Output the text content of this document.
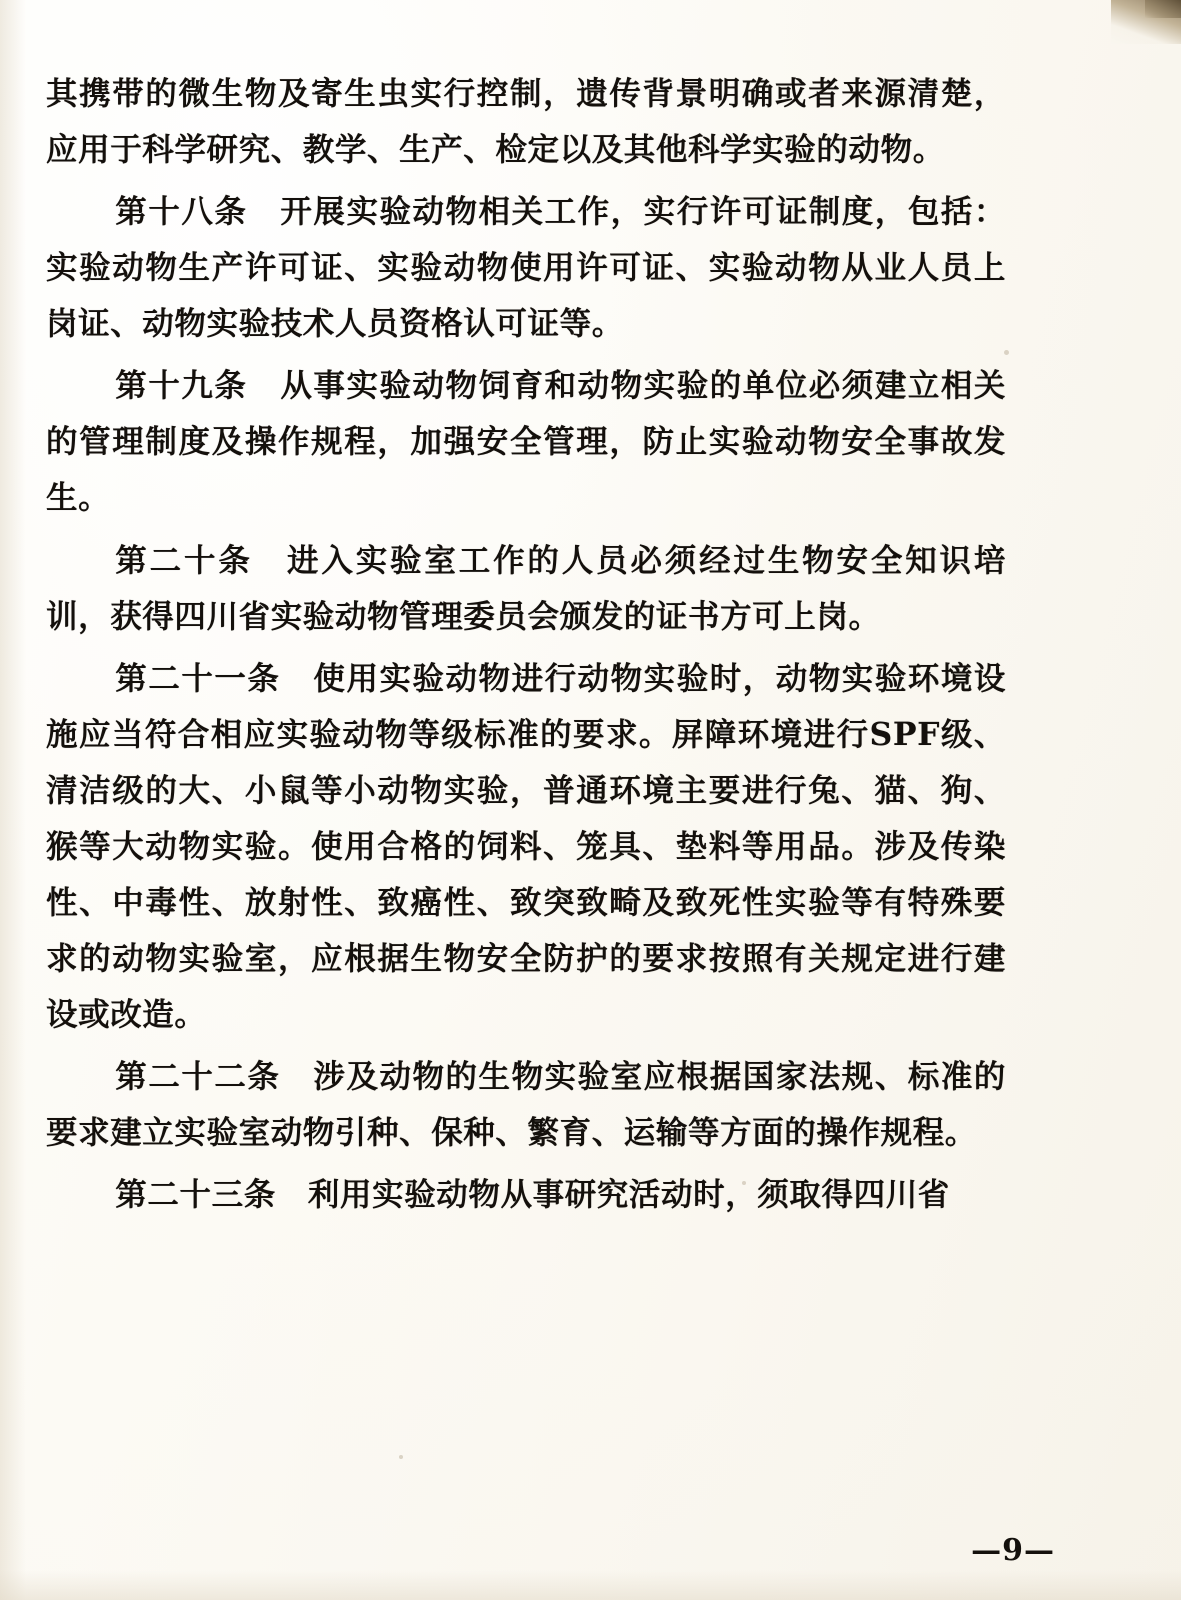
其携带的微生物及寄生虫实行控制，遗传背景明确或者来源清楚，应用于科学研究、教学、生产、检定以及其他科学实验的动物。

第十八条　开展实验动物相关工作，实行许可证制度，包括：实验动物生产许可证、实验动物使用许可证、实验动物从业人员上岗证、动物实验技术人员资格认可证等。

第十九条　从事实验动物饲育和动物实验的单位必须建立相关的管理制度及操作规程，加强安全管理，防止实验动物安全事故发生。

第二十条　进入实验室工作的人员必须经过生物安全知识培训，获得四川省实验动物管理委员会颁发的证书方可上岗。

第二十一条　使用实验动物进行动物实验时，动物实验环境设施应当符合相应实验动物等级标准的要求。屏障环境进行SPF级、清洁级的大、小鼠等小动物实验，普通环境主要进行兔、猫、狗、猴等大动物实验。使用合格的饲料、笼具、垫料等用品。涉及传染性、中毒性、放射性、致癌性、致突致畸及致死性实验等有特殊要求的动物实验室，应根据生物安全防护的要求按照有关规定进行建设或改造。

第二十二条　涉及动物的生物实验室应根据国家法规、标准的要求建立实验室动物引种、保种、繁育、运输等方面的操作规程。

第二十三条　利用实验动物从事研究活动时，须取得四川省

—9—
